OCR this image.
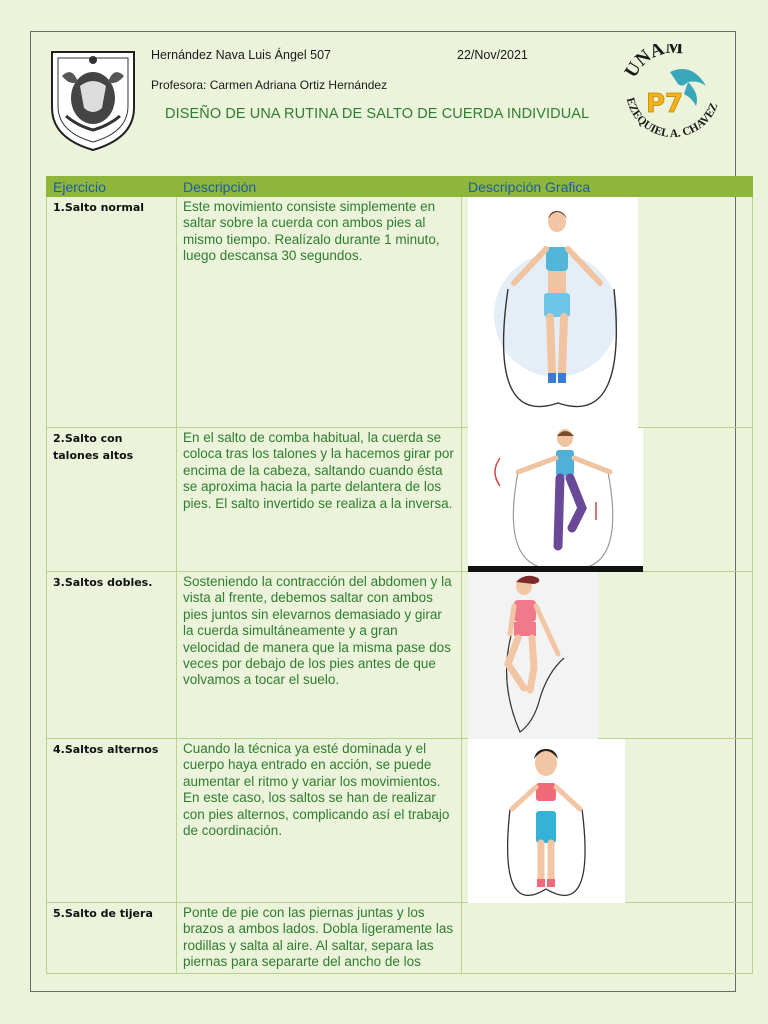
Hernández Nava Luis Ángel 507	22/Nov/2021
Profesora: Carmen Adriana Ortiz Hernández
DISEÑO DE UNA RUTINA DE SALTO DE CUERDA INDIVIDUAL
UNAM
EZEQUIEL A. CHAVEZ
P7
Ejercicio	Descripción	Descripción Grafica
1.Salto normal	Este movimiento consiste simplemente en saltar sobre la cuerda con ambos pies al mismo tiempo. Realízalo durante 1 minuto, luego descansa 30 segundos.	

2.Salto con talones altos	En el salto de comba habitual, la cuerda se coloca tras los talones y la hacemos girar por encima de la cabeza, saltando cuando ésta se aproxima hacia la parte delantera de los pies. El salto invertido se realiza a la inversa.	

3.Saltos dobles.	Sosteniendo la contracción del abdomen y la vista al frente, debemos saltar con ambos pies juntos sin elevarnos demasiado y girar la cuerda simultáneamente y a gran velocidad de manera que la misma pase dos veces por debajo de los pies antes de que volvamos a tocar el suelo.	

4.Saltos alternos	Cuando la técnica ya esté dominada y el cuerpo haya entrado en acción, se puede aumentar el ritmo y variar los movimientos. En este caso, los saltos se han de realizar con pies alternos, complicando así el trabajo de coordinación.	

5.Salto de tijera	Ponte de pie con las piernas juntas y los brazos a ambos lados. Dobla ligeramente las rodillas y salta al aire. Al saltar, separa las piernas para separarte del ancho de los	
